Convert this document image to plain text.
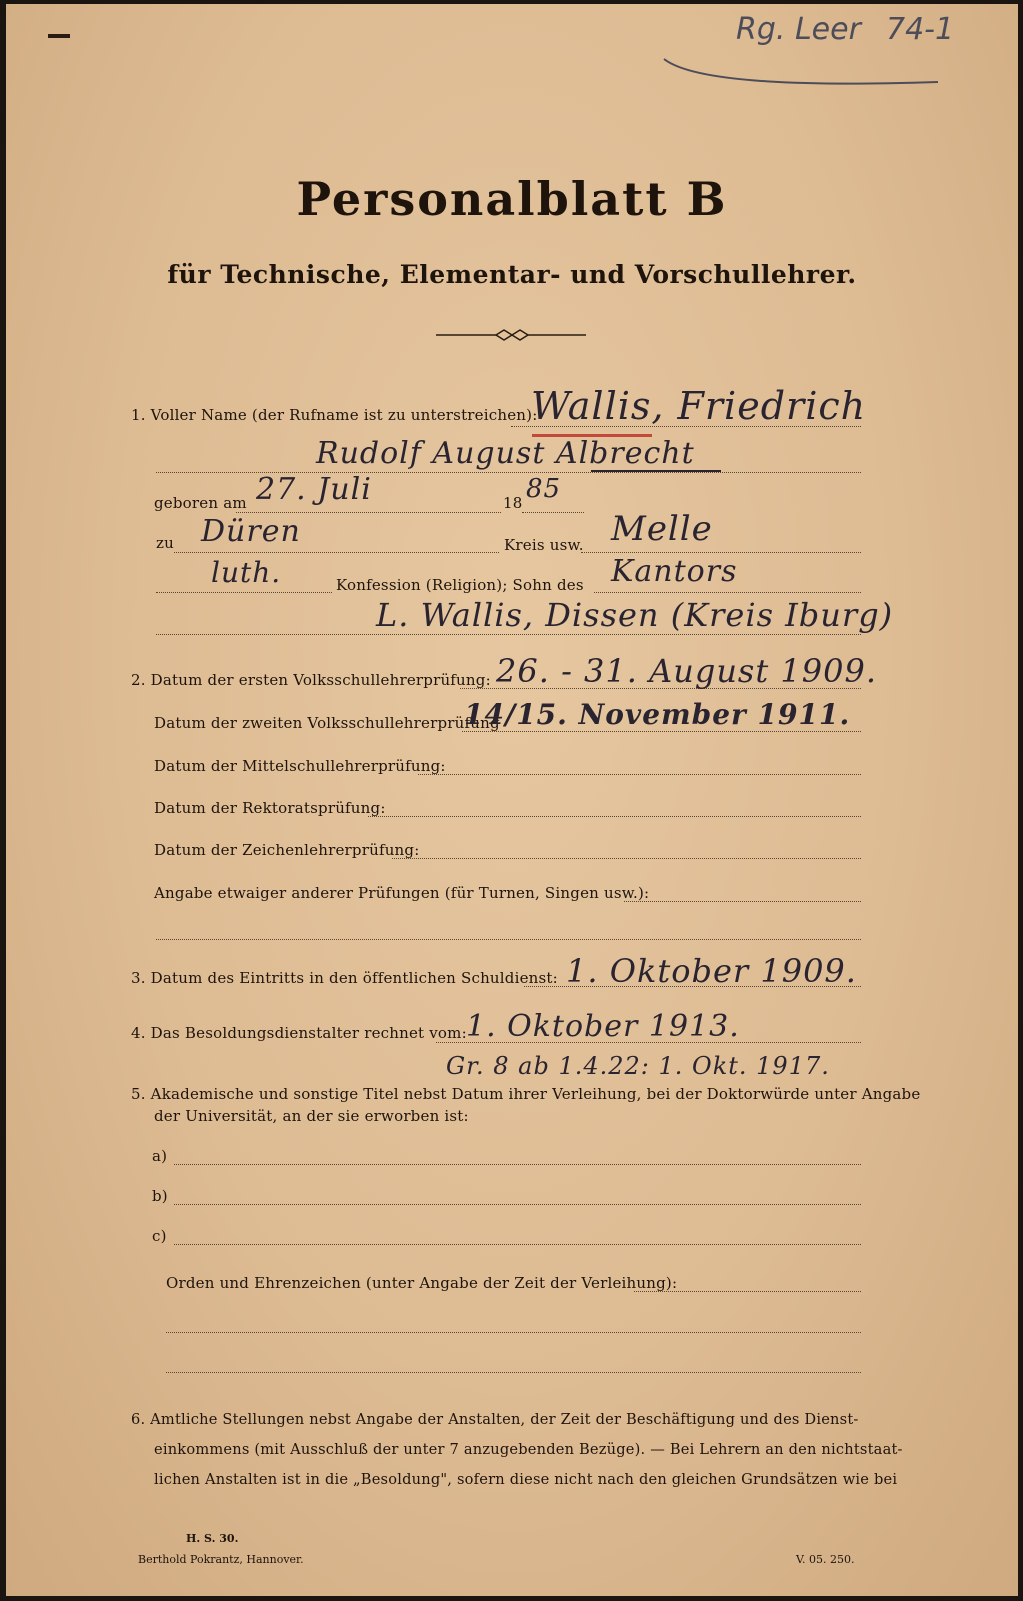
Rg. Leer 74-1
Personalblatt B
für Technische, Elementar- und Vorschullehrer.
1. Voller Name (der Rufname ist zu unterstreichen):
Wallis, Friedrich
Rudolf August Albrecht
geboren am 27. Juli	18 85
zu Düren	Kreis usw. Melle
luth.	Konfession (Religion); Sohn des Kantors
L. Wallis, Dissen (Kreis Iburg)
2. Datum der ersten Volksschullehrerprüfung: 26. - 31. August 1909.
Datum der zweiten Volksschullehrerprüfung
14/15. November 1911.
Datum der Mittelschullehrerprüfung:
Datum der Rektoratsprüfung:
Datum der Zeichenlehrerprüfung:
Angabe etwaiger anderer Prüfungen (für Turnen, Singen usw.):
3. Datum des Eintritts in den öffentlichen Schuldienst: 1. Oktober 1909.
4. Das Besoldungsdienstalter rechnet vom: 1. Oktober 1913.
Gr. 8 ab 1.4.22: 1. Okt. 1917.
5. Akademische und sonstige Titel nebst Datum ihrer Verleihung, bei der Doktorwürde unter Angabe
der Universität, an der sie erworben ist:
a)
b)
c)
Orden und Ehrenzeichen (unter Angabe der Zeit der Verleihung):
6. Amtliche Stellungen nebst Angabe der Anstalten, der Zeit der Beschäftigung und des Dienst-
einkommens (mit Ausschluß der unter 7 anzugebenden Bezüge). — Bei Lehrern an den nichtstaat-
lichen Anstalten ist in die „Besoldung", sofern diese nicht nach den gleichen Grundsätzen wie bei
H. S. 30.
Berthold Pokrantz, Hannover.	V. 05. 250.
